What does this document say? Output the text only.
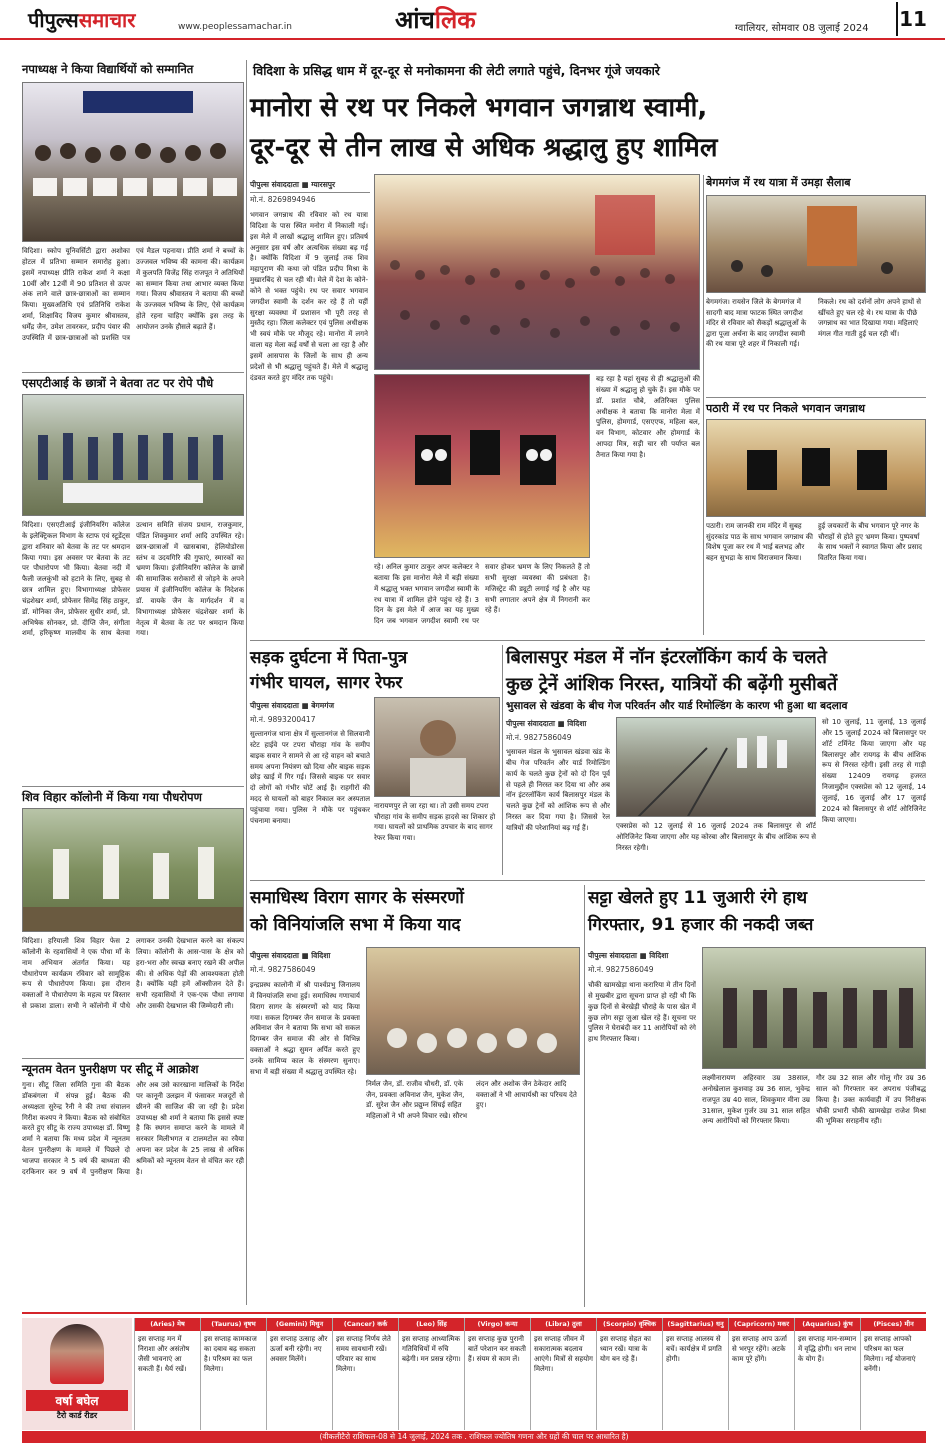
पीपुल्ससमाचार	www.peoplessamachar.in	आंचलिक	ग्वालियर, सोमवार 08 जुलाई 2024 11
नपाध्यक्ष ने किया विद्यार्थियों को सम्मानित
विदिशा। स्कोप यूनिवर्सिटी द्वारा अशोका होटल में प्रतिभा सम्मान समारोह हुआ। इसमें नपाध्यक्ष प्रीति राकेश शर्मा ने कक्षा 10वीं और 12वीं में 90 प्रतिशत से ऊपर अंक लाने वाले छात्र-छात्राओं का सम्मान किया। मुख्यअतिथि एवं प्रतिनिधि राकेश शर्मा, शिक्षाविद विजय कुमार श्रीवास्तव, धर्मेंद्र जैन, उमेश तावरकर, प्रदीप पंवार की उपस्थिति में छात्र-छात्राओं को प्रशस्ति पत्र एवं मैडल पहनाया। प्रीति शर्मा ने बच्चों के उज्जवल भविष्य की कामना की। कार्यक्रम में कुलपति विजेंद्र सिंह राजपूत ने अतिथियों का सम्मान किया तथा आभार व्यक्त किया गया। विजय श्रीवास्तव ने बताया की बच्चों के उज्जवल भविष्य के लिए, ऐसे कार्यक्रम होते रहना चाहिए क्योंकि इस तरह के आयोजन उनके हौसले बढ़ाते हैं।
एसएटीआई के छात्रों ने बेतवा तट पर रोपे पौधे
विदिशा। एसएटीआई इंजीनियरिंग कॉलेज के इलेक्ट्रिकल विभाग के स्टाफ एवं स्टूडेंट्स द्वारा शनिवार को बेतवा के तट पर श्रमदान किया गया। इस अवसर पर बेतवा के तट पर पौधारोपण भी किया। बेतवा नदी में फैली जलकुंभी को हटाने के लिए, सुबह से छात्र शामिल हुए। विभागाध्यक्ष प्रोफेसर चंद्रशेखर शर्मा, प्रोफेसर सिमेंद्र सिंह ठाकुर, डॉ. मोनिका जैन, प्रोफेसर सुधीर शर्मा, प्रो. अभिषेक सोनकर, प्रो. दीप्ति जैन, संगीता शर्मा, हरिकृष्ण मालवीय के साथ बेतवा उत्थान समिति संजय प्रधान, राजकुमार, पंडित शिवकुमार शर्मा आदि उपस्थित रहे। छात्र-छात्राओं में खासबाबा, हेलियोडोरस स्तंभ व उदयगिरि की गुफाएं, स्मारकों का भ्रमण किया। इंजीनियरिंग कॉलेज के छात्रों की सामाजिक सरोकारों से जोड़ने के अपने प्रयास में इंजीनियरिंग कॉलेज के निदेशक डॉ. वायके जैन के मार्गदर्शन में व विभागाध्यक्ष प्रोफेसर चंद्रशेखर शर्मा के नेतृत्व में बेतवा के तट पर श्रमदान किया गया।
शिव विहार कॉलोनी में किया गया पौधरोपण
विदिशा। हरियाली शिव विहार फेस 2 कॉलोनी के रहवासियों ने एक पौधा माँ के नाम अभियान अंतर्गत किया। यह पौधारोपण कार्यक्रम रविवार को सामूहिक रूप से पौधारोपण किया। इस दौरान वक्ताओं ने पौधारोपण के महत्व पर विस्तार से प्रकाश डाला। सभी ने कॉलोनी में पौधे लगाकर उनकी देखभाल करने का संकल्प लिया। कॉलोनी के आस-पास के क्षेत्र को हरा-भरा और स्वच्छ बनाए रखने की अपील की। से अधिक पेड़ों की आवश्यकता होती है। क्योंकि यही हमें ऑक्सीजन देते हैं। सभी रहवासियों ने एक-एक पौधा लगाया और उसकी देखभाल की जिम्मेदारी ली।
न्यूनतम वेतन पुनरीक्षण पर सीटू में आक्रोश
गुना। सीटू जिला समिति गुना की बैठक डॉकबंगला में संपन्न हुई। बैठक की अध्यक्षता सुरेन्द्र रैनी ने की तथा संचालन गिरीश कश्यप ने किया। बैठक को संबोधित करते हुए सीटू के राज्य उपाध्यक्ष डॉ. विष्णु शर्मा ने बताया कि मध्य प्रदेश में न्यूनतम वेतन पुनरीक्षण के मामले में पिछले दो भाजपा सरकार ने 5 वर्ष की बाध्यता की दरकिनार कर 9 वर्ष में पुनरीक्षण किया और अब उसे कारखाना मालिकों के निर्देश पर कानूनी उलझन में फंसाकर मजदूरों से छीनने की साजिश की जा रही है। प्रदेश उपाध्यक्ष श्री शर्मा ने बताया कि इससे स्पष्ट है कि स्थगन समाप्त करने के मामले में सरकार मिलीभगत व टालमटोल का रवैया अपना कर प्रदेश के 25 लाख से अधिक श्रमिकों को न्यूनतम वेतन से वंचित कर रही है।
विदिशा के प्रसिद्ध धाम में दूर-दूर से मनोकामना की लेटी लगाते पहुंचे, दिनभर गूंजे जयकारे
मानोरा से रथ पर निकले भगवान जगन्नाथ स्वामी,
दूर-दूर से तीन लाख से अधिक श्रद्धालु हुए शामिल
पीपुल्स संवाददाता ■ ग्यारसपुर
मो.नं. 8269894946
भगवान जगन्नाथ की रविवार को रथ यात्रा विदिशा के पास स्थित मनोरा में निकाली गई। इस मेले में लाखों श्रद्धालु शामिल हुए। प्रतिवर्ष अनुसार इस वर्ष और अत्यधिक संख्या बढ़ गई है। क्योंकि विदिशा में 9 जुलाई तक शिव महापुराण की कथा जो पंडित प्रदीप मिश्रा के मुखारबिंद से चल रही थी। मेले में देश के कोने-कोने से भक्त पहुंचे। रथ पर सवार भगवान जगदीश स्वामी के दर्शन कर रहे हैं तो यहीं सुरक्षा व्यवस्था में प्रशासन भी पूरी तरह से मुस्तैद रहा। जिला कलेक्टर एवं पुलिस अधीक्षक भी स्वयं मौके पर मौजूद रहे। मानोरा में लगने वाला यह मेला कई वर्षों से चला आ रहा है और इसमें आसपास के जिलों के साथ ही अन्य प्रदेशों से भी श्रद्धालु पहुंचते हैं। मेले में श्रद्धालु दंडवत करते हुए मंदिर तक पहुंचे।
रहे। अनिल कुमार ठाकुर अपर कलेक्टर ने बताया कि इस मानोरा मेले में बड़ी संख्या में श्रद्धालु भक्त भगवान जगदीश स्वामी के रथ यात्रा में शामिल होने पहुंच रहे हैं। 3 दिन के इस मेले में आज का यह मुख्य दिन जब भगवान जगदीश स्वामी रथ पर सवार होकर भ्रमण के लिए निकलते हैं तो सभी सुरक्षा व्यवस्था की प्रबंधता है। मजिस्ट्रेट की ड्यूटी लगाई गई है और यह सभी लगातार अपने क्षेत्र में निगरानी कर रहे हैं।
बड़ रहा है यहां सुबह से ही श्रद्धालुओं की संख्या में श्रद्धालु हो चुके हैं। इस मौके पर डॉ. प्रशांत चौबे, अतिरिक्त पुलिस अधीक्षक ने बताया कि मानोरा मेला में पुलिस, होमगार्ड, एसएएफ, महिला बल, वन विभाग, कोटवार और होमगार्ड के आपदा मित्र, सड़ी चार सी पर्याप्त बल तैनात किया गया है।
बेगमगंज में रथ यात्रा में उमड़ा सैलाब
बेगमगंज। रायसेन जिले के बेगमगंज में सादगी बाद मात्रा फाटक स्थित जगदीश मंदिर से रविवार को सैकड़ों श्रद्धालुओं के द्वारा पूजा अर्चना के बाद जगदीश स्वामी की रथ यात्रा पूरे शहर में निकाली गई।
निकले। रथ को दर्शनों लोग अपने हाथों से खींचते हुए चल रहे थे। रथ यात्रा के पीछे जगन्नाथ का भात दिखाया गया। महिलाएं मंगल गीत गाती हुई चल रही थीं।
पठारी में रथ पर निकले भगवान जगन्नाथ
पठारी। राम जानकी राम मंदिर में सुबह सुंदरकांड पाठ के साथ भगवान जगन्नाथ की विशेष पूजा कर रथ में भाई बलभद्र और बहन सुभद्रा के साथ विराजमान किया।
हुई जयकारों के बीच भगवान पूरे नगर के चौराहों से होते हुए भ्रमण किया। पुष्पवर्षा के साथ भक्तों ने स्वागत किया और प्रसाद वितरित किया गया।
सड़क दुर्घटना में पिता-पुत्र
गंभीर घायल, सागर रेफर
पीपुल्स संवाददाता ■ बेगमगंज
मो.नं. 9893200417
सुल्तानगंज थाना क्षेत्र में सुल्तानगंज से सिलवानी स्टेट हाईवे पर टपरा चौराहा गांव के समीप बाइक सवार ने सामने से आ रहे वाहन को बचाते समय अपना नियंत्रण खो दिया और बाइक सड़क छोड़ खाई में गिर गई। जिससे बाइक पर सवार दो लोगों को गंभीर चोटें आई हैं। राहगीरों की मदद से घायलों को बाहर निकाल कर अस्पताल पहुंचाया गया। पुलिस ने मौके पर पहुंचकर पंचनामा बनाया।
नारायणपुर ले जा रहा था। तो उसी समय टपरा चौराहा गांव के समीप सड़क हादसे का शिकार हो गया। घायलों को प्राथमिक उपचार के बाद सागर रेफर किया गया।
बिलासपुर मंडल में नॉन इंटरलॉकिंग कार्य के चलते
कुछ ट्रेनें आंशिक निरस्त, यात्रियों की बढ़ेंगी मुसीबतें
भुसावल से खंडवा के बीच गेज परिवर्तन और यार्ड रिमोल्डिंग के कारण भी हुआ था बदलाव
पीपुल्स संवाददाता ■ विदिशा
मो.नं. 9827586049
भुसावल मंडल के भुसावल खंडवा खंड के बीच गेज परिवर्तन और यार्ड रिमोल्डिंग कार्य के चलते कुछ ट्रेनों को दो दिन पूर्व से पहले ही निरस्त कर दिया था और अब नॉन इंटरलॉकिंग कार्य बिलासपुर मंडल के चलते कुछ ट्रेनों को आंशिक रूप से और निरस्त कर दिया गया है। जिससे रेल यात्रियों की परेशानियां बढ़ गई हैं।	एक्सप्रेस को 12 जुलाई से 16 जुलाई 2024 तक बिलासपुर से शॉर्ट ओरिजिनेट किया जाएगा और यह कोरबा और बिलासपुर के बीच आंशिक रूप से निरस्त रहेगी।
सो 10 जुलाई, 11 जुलाई, 13 जुलाई और 15 जुलाई 2024 को बिलासपुर पर शॉर्ट टर्मिनेट किया जाएगा और यह बिलासपुर और रायगढ़ के बीच आंशिक रूप से निरस्त रहेगी। इसी तरह से गाड़ी संख्या 12409 रायगढ़ हजरत निजामुद्दीन एक्सप्रेस को 12 जुलाई, 14 जुलाई, 16 जुलाई और 17 जुलाई 2024 को बिलासपुर से शॉर्ट ओरिजिनेट किया जाएगा।
समाधिस्थ विराग सागर के संस्मरणों
को विनियांजलि सभा में किया याद
पीपुल्स संवाददाता ■ विदिशा
मो.नं. 9827586049
इन्द्रप्रस्थ कालोनी में श्री पार्श्वप्रभु जिनालय में विनयांजलि सभा हुई। समाधिस्थ गणाचार्य विराग सागर के संस्मरणों को याद किया गया। सकल दिगम्बर जैन समाज के प्रवक्ता अविनाश जैन ने बताया कि सभा को सकल दिगम्बर जैन समाज की ओर से विभिन्न वक्ताओं ने श्रद्धा सुमन अर्पित करते हुए उनके सामिप्य काल के संस्मरण सुनाए। सभा में बड़ी संख्या में श्रद्धालु उपस्थित रहे।
निर्मल जैन, डॉ. राजीव चौधरी, डॉ. एके जैन, प्रवक्ता अविनाश जैन, मुकेश जैन, डॉ. सुरेश जैन और प्रद्युम्न सिंघई सहित महिलाओं ने भी अपने विचार रखे। सौरभ लंदन और अशोक जैन ठेकेदार आदि वक्ताओं ने भी आचार्यश्री का परिचय देते हुए।
सट्टा खेलते हुए 11 जुआरी रंगे हाथ
गिरफ्तार, 91 हजार की नकदी जब्त
पीपुल्स संवाददाता ■ विदिशा
मो.नं. 9827586049
चौकी खामखेड़ा थाना करारिया मे तीन दिनों से मुखबीर द्वारा सूचना प्राप्त हो रही थी कि कुछ दिनों से बेरखेड़ी चौराहे के पास खेत में कुछ लोग सट्टा जुआ खेल रहे हैं। सूचना पर पुलिस ने घेराबंदी कर 11 आरोपियों को रंगे हाथ गिरफ्तार किया।
लक्ष्मीनारायण अहिरवार उम्र 38साल, अनोखेलाल कुशवाह उम्र 36 साल, भुवेन्द्र राजपूत उम्र 40 साल, शिवकुमार मीना उम्र 31साल, मुकेश गुर्जर उम्र 31 साल सहित अन्य आरोपियों को गिरफ्तार किया।
गौर उम्र 32 साल और गोलू गौर उम्र 36 साल को गिरफ्तार कर अपराध पंजीबद्ध किया है। उक्त कार्यवाही में उप निरीक्षक चौकी प्रभारी चौकी खामखेड़ा राजेश मिश्रा की भूमिका सराहनीय रही।
वर्षा बघेल
टैरो कार्ड रीडर
(Aries) मेष
इस सप्ताह मन में निराशा और असंतोष जैसी भावनाएं आ सकती हैं। धैर्य रखें।
(Taurus) वृषभ
इस सप्ताह कामकाज का दबाव बढ़ सकता है। परिश्रम का फल मिलेगा।
(Gemini) मिथुन
इस सप्ताह उत्साह और ऊर्जा बनी रहेगी। नए अवसर मिलेंगे।
(Cancer) कर्क
इस सप्ताह निर्णय लेते समय सावधानी रखें। परिवार का साथ मिलेगा।
(Leo) सिंह
इस सप्ताह आध्यात्मिक गतिविधियों में रुचि बढ़ेगी। मन प्रसन्न रहेगा।
(Virgo) कन्या
इस सप्ताह कुछ पुरानी बातें परेशान कर सकती हैं। संयम से काम लें।
(Libra) तुला
इस सप्ताह जीवन में सकारात्मक बदलाव आएंगे। मित्रों से सहयोग मिलेगा।
(Scorpio) वृश्चिक
इस सप्ताह सेहत का ध्यान रखें। यात्रा के योग बन रहे हैं।
(Sagittarius) धनु
इस सप्ताह आलस्य से बचें। कार्यक्षेत्र में प्रगति होगी।
(Capricorn) मकर
इस सप्ताह आप ऊर्जा से भरपूर रहेंगे। अटके काम पूरे होंगे।
(Aquarius) कुंभ
इस सप्ताह मान-सम्मान में वृद्धि होगी। धन लाभ के योग हैं।
(Pisces) मीन
इस सप्ताह आपको परिश्रम का फल मिलेगा। नई योजनाएं बनेंगी।
(वीकलीटैरो राशिफल-08 से 14 जुलाई, 2024 तक . राशिफल ज्योतिष गणना और ग्रहों की चाल पर आधारित है)
